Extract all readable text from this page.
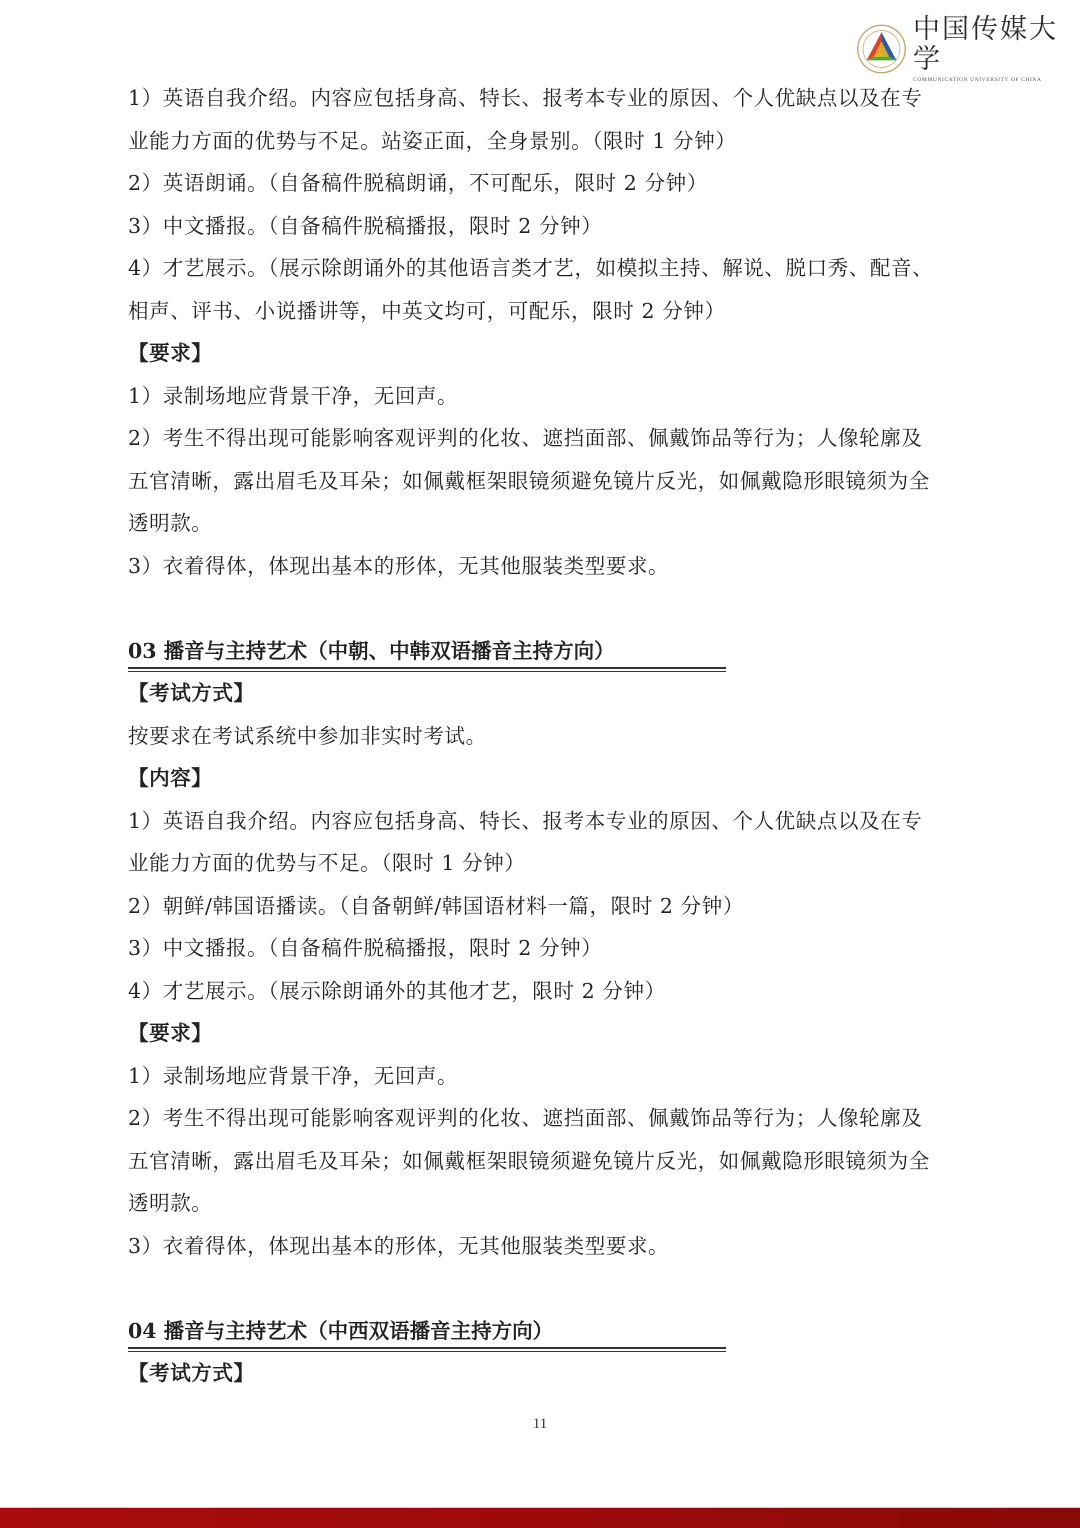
中国传媒大学
COMMUNICATION UNIVERSITY OF CHINA
1）英语自我介绍。内容应包括身高、特长、报考本专业的原因、个人优缺点以及在专
业能力方面的优势与不足。站姿正面，全身景别。（限时 1 分钟）
2）英语朗诵。（自备稿件脱稿朗诵，不可配乐，限时 2 分钟）
3）中文播报。（自备稿件脱稿播报，限时 2 分钟）
4）才艺展示。（展示除朗诵外的其他语言类才艺，如模拟主持、解说、脱口秀、配音、
相声、评书、小说播讲等，中英文均可，可配乐，限时 2 分钟）
【要求】
1）录制场地应背景干净，无回声。
2）考生不得出现可能影响客观评判的化妆、遮挡面部、佩戴饰品等行为；人像轮廓及
五官清晰，露出眉毛及耳朵；如佩戴框架眼镜须避免镜片反光，如佩戴隐形眼镜须为全
透明款。
3）衣着得体，体现出基本的形体，无其他服装类型要求。
03 播音与主持艺术（中朝、中韩双语播音主持方向）
【考试方式】
按要求在考试系统中参加非实时考试。
【内容】
1）英语自我介绍。内容应包括身高、特长、报考本专业的原因、个人优缺点以及在专
业能力方面的优势与不足。（限时 1 分钟）
2）朝鲜/韩国语播读。（自备朝鲜/韩国语材料一篇，限时 2 分钟）
3）中文播报。（自备稿件脱稿播报，限时 2 分钟）
4）才艺展示。（展示除朗诵外的其他才艺，限时 2 分钟）
【要求】
1）录制场地应背景干净，无回声。
2）考生不得出现可能影响客观评判的化妆、遮挡面部、佩戴饰品等行为；人像轮廓及
五官清晰，露出眉毛及耳朵；如佩戴框架眼镜须避免镜片反光，如佩戴隐形眼镜须为全
透明款。
3）衣着得体，体现出基本的形体，无其他服装类型要求。
04 播音与主持艺术（中西双语播音主持方向）
【考试方式】
11
